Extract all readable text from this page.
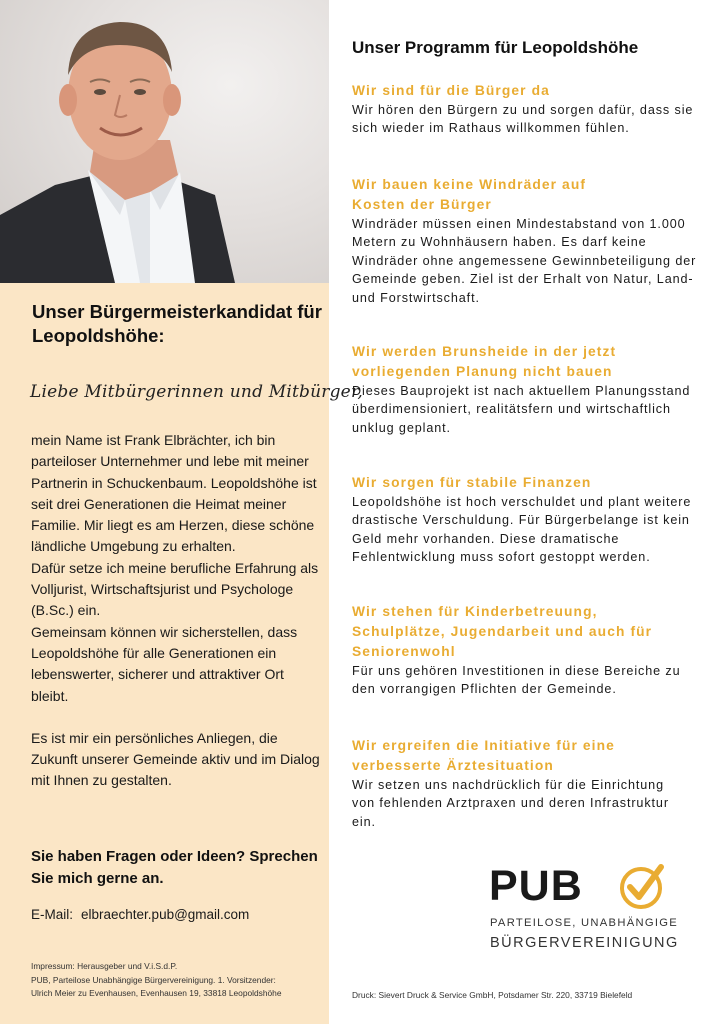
Unser Bürgermeisterkandidat für Leopoldshöhe:
Liebe Mitbürgerinnen und Mitbürger,

mein Name ist Frank Elbrächter, ich bin parteiloser Unternehmer und lebe mit meiner Partnerin in Schuckenbaum. Leopoldshöhe ist seit drei Generationen die Heimat meiner Familie. Mir liegt es am Herzen, diese schöne ländliche Umgebung zu erhalten.

Dafür setze ich meine berufliche Erfahrung als Volljurist, Wirtschaftsjurist und Psychologe (B.Sc.) ein.

Gemeinsam können wir sicherstellen, dass Leopoldshöhe für alle Generationen ein lebenswerter, sicherer und attraktiver Ort bleibt.

Es ist mir ein persönliches Anliegen, die Zukunft unserer Gemeinde aktiv und im Dialog mit Ihnen zu gestalten.

Sie haben Fragen oder Ideen? Sprechen Sie mich gerne an.
E-Mail: elbraechter.pub@gmail.com
Impressum: Herausgeber und V.i.S.d.P.
PUB, Parteilose Unabhängige Bürgervereinigung. 1. Vorsitzender:
Ulrich Meier zu Evenhausen, Evenhausen 19, 33818 Leopoldshöhe
Unser Programm für Leopoldshöhe
Wir sind für die Bürger da
Wir hören den Bürgern zu und sorgen dafür, dass sie sich wieder im Rathaus willkommen fühlen.
Wir bauen keine Windräder auf Kosten der Bürger
Windräder müssen einen Mindestabstand von 1.000 Metern zu Wohnhäusern haben. Es darf keine Windräder ohne angemessene Gewinnbeteiligung der Gemeinde geben. Ziel ist der Erhalt von Natur, Land- und Forstwirtschaft.
Wir werden Brunsheide in der jetzt vorliegenden Planung nicht bauen
Dieses Bauprojekt ist nach aktuellem Planungsstand überdimensioniert, realitätsfern und wirtschaftlich unklug geplant.
Wir sorgen für stabile Finanzen
Leopoldshöhe ist hoch verschuldet und plant weitere drastische Verschuldung. Für Bürgerbelange ist kein Geld mehr vorhanden. Diese dramatische Fehlentwicklung muss sofort gestoppt werden.
Wir stehen für Kinderbetreuung, Schulplätze, Jugendarbeit und auch für Seniorenwohl
Für uns gehören Investitionen in diese Bereiche zu den vorrangigen Pflichten der Gemeinde.
Wir ergreifen die Initiative für eine verbesserte Ärztesituation
Wir setzen uns nachdrücklich für die Einrichtung von fehlenden Arztpraxen und deren Infrastruktur ein.
PUB
PARTEILOSE, UNABHÄNGIGE
BÜRGERVEREINIGUNG
Druck: Sievert Druck & Service GmbH, Potsdamer Str. 220, 33719 Bielefeld
